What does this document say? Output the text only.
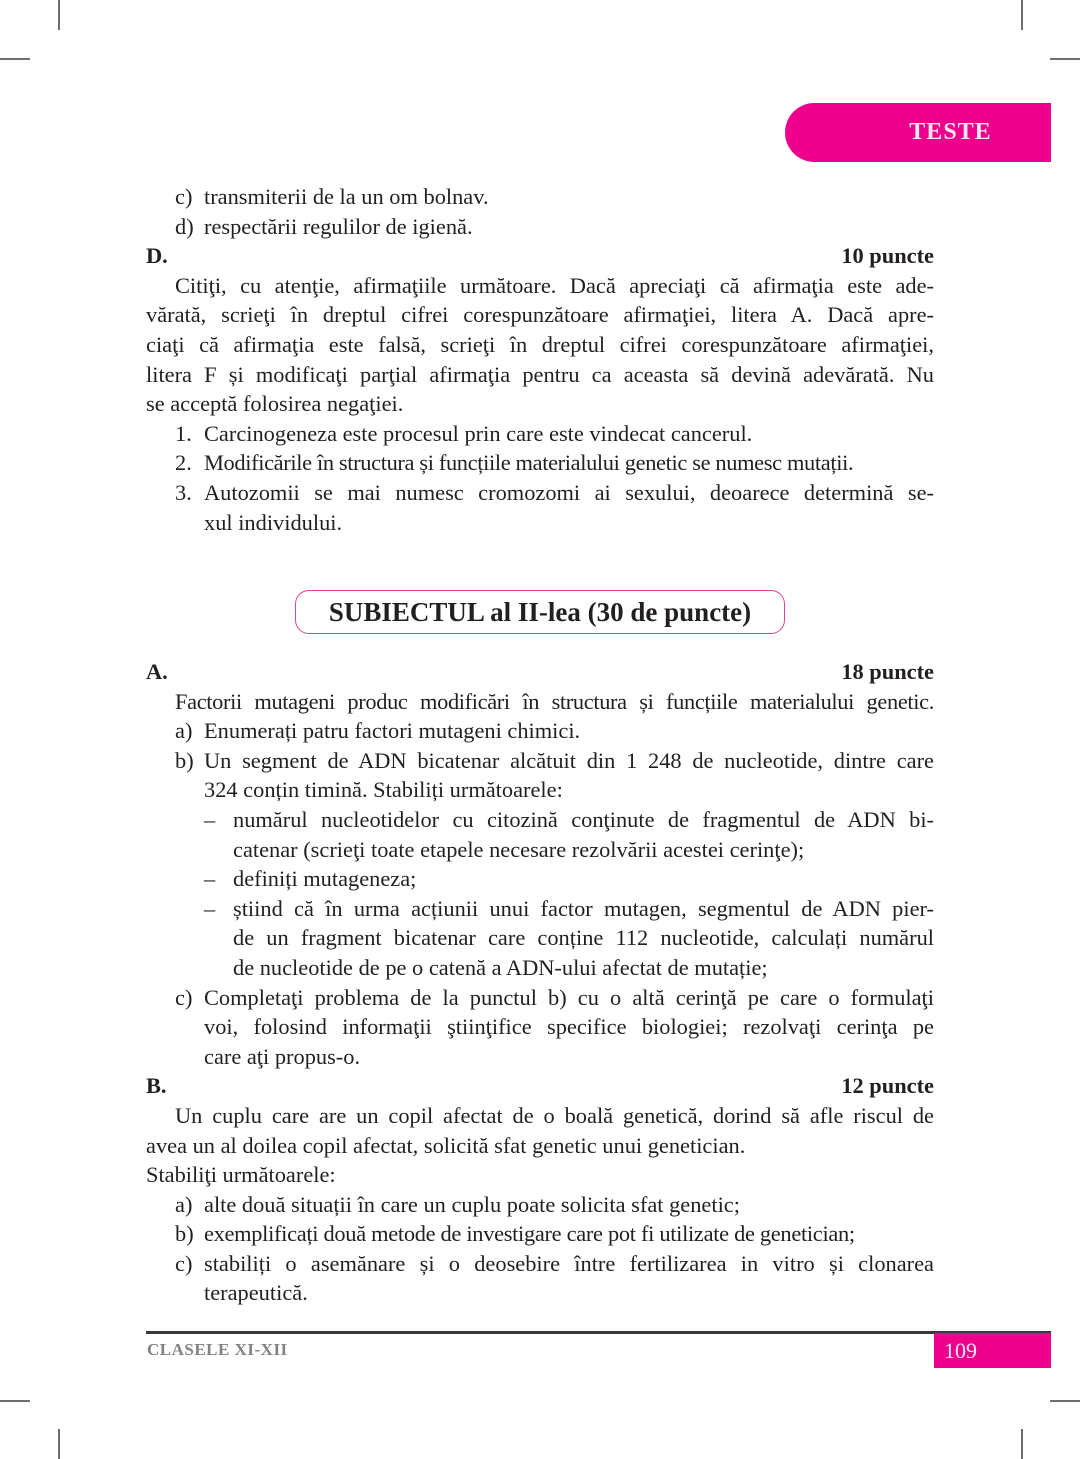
TESTE
c) transmiterii de la un om bolnav.
d) respectării regulilor de igienă.
D.	10 puncte
Citiţi, cu atenţie, afirmaţiile următoare. Dacă apreciaţi că afirmaţia este ade-
vărată, scrieţi în dreptul cifrei corespunzătoare afirmaţiei, litera A. Dacă apre-
ciaţi că afirmaţia este falsă, scrieţi în dreptul cifrei corespunzătoare afirmaţiei,
litera F și modificaţi parţial afirmaţia pentru ca aceasta să devină adevărată. Nu
se acceptă folosirea negaţiei.
1. Carcinogeneza este procesul prin care este vindecat cancerul.
2. Modificările în structura și funcțiile materialului genetic se numesc mutații.
3. Autozomii se mai numesc cromozomi ai sexului, deoarece determină se-
xul individului.
SUBIECTUL al II-lea (30 de puncte)
A.	18 puncte
Factorii mutageni produc modificări în structura și funcțiile materialului genetic.
a) Enumerați patru factori mutageni chimici.
b) Un segment de ADN bicatenar alcătuit din 1 248 de nucleotide, dintre care
324 conțin timină. Stabiliți următoarele:
– numărul nucleotidelor cu citozină conţinute de fragmentul de ADN bi-
catenar (scrieţi toate etapele necesare rezolvării acestei cerinţe);
– definiți mutageneza;
– știind că în urma acțiunii unui factor mutagen, segmentul de ADN pier-
de un fragment bicatenar care conține 112 nucleotide, calculați numărul
de nucleotide de pe o catenă a ADN-ului afectat de mutație;
c) Completaţi problema de la punctul b) cu o altă cerinţă pe care o formulaţi
voi, folosind informaţii ştiinţifice specifice biologiei; rezolvaţi cerinţa pe
care aţi propus-o.
B.	12 puncte
Un cuplu care are un copil afectat de o boală genetică, dorind să afle riscul de
avea un al doilea copil afectat, solicită sfat genetic unui genetician.
Stabiliţi următoarele:
a) alte două situații în care un cuplu poate solicita sfat genetic;
b) exemplificați două metode de investigare care pot fi utilizate de genetician;
c) stabiliți o asemănare și o deosebire între fertilizarea in vitro și clonarea
terapeutică.
CLASELE XI-XII	109
